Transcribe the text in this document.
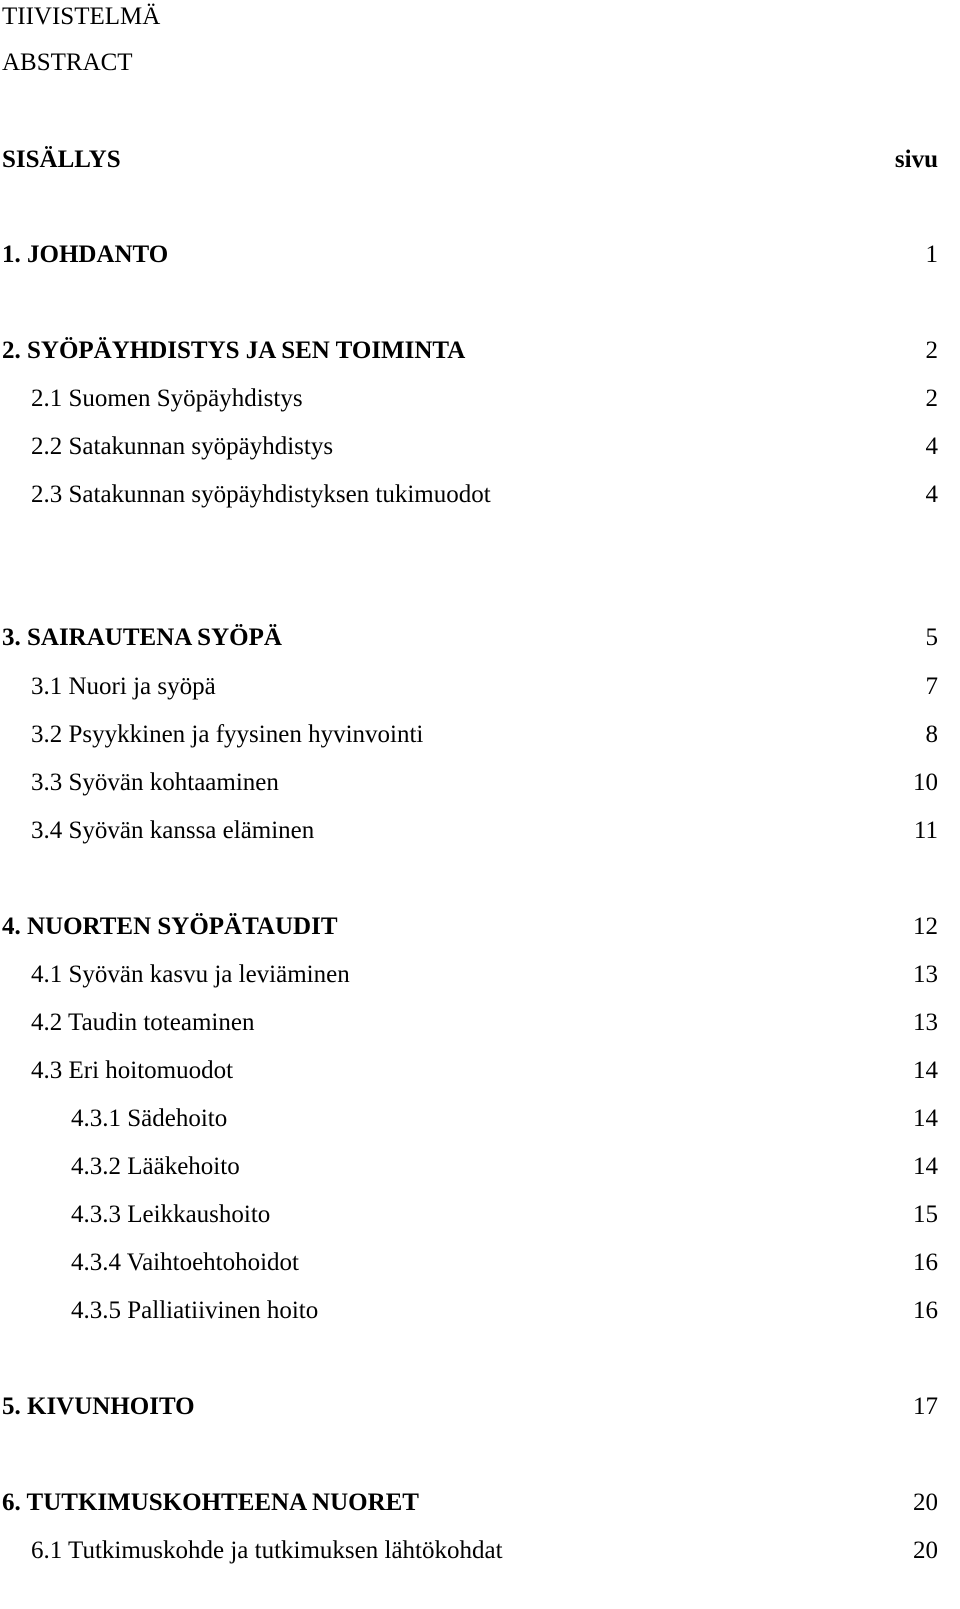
TIIVISTELMÄ
ABSTRACT
SISÄLLYS	sivu
1. JOHDANTO	1
2. SYÖPÄYHDISTYS JA SEN TOIMINTA	2
2.1 Suomen Syöpäyhdistys	2
2.2 Satakunnan syöpäyhdistys	4
2.3 Satakunnan syöpäyhdistyksen tukimuodot	4
3. SAIRAUTENA SYÖPÄ	5
3.1 Nuori ja syöpä	7
3.2 Psyykkinen ja fyysinen hyvinvointi	8
3.3 Syövän kohtaaminen	10
3.4 Syövän kanssa eläminen	11
4. NUORTEN SYÖPÄTAUDIT	12
4.1 Syövän kasvu ja leviäminen	13
4.2 Taudin toteaminen	13
4.3 Eri hoitomuodot	14
4.3.1 Sädehoito	14
4.3.2 Lääkehoito	14
4.3.3 Leikkaushoito	15
4.3.4 Vaihtoehtohoidot	16
4.3.5 Palliatiivinen hoito	16
5. KIVUNHOITO	17
6. TUTKIMUSKOHTEENA NUORET	20
6.1 Tutkimuskohde ja tutkimuksen lähtökohdat	20
